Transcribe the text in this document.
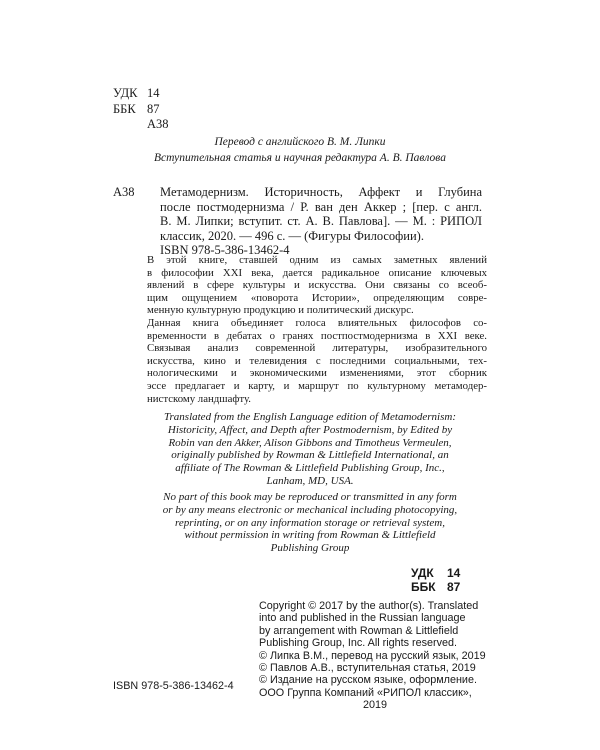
УДК 14
ББК 87
А38
Перевод с английского В. М. Липки
Вступительная статья и научная редактура А. В. Павлова
А38 Метамодернизм. Историчность, Аффект и Глубина
после постмодернизма / Р. ван ден Аккер ; [пер. с англ.
В. М. Липки; вступит. ст. А. В. Павлова]. — М. : РИПОЛ
классик, 2020. — 496 с. — (Фигуры Философии).
ISBN 978-5-386-13462-4
В этой книге, ставшей одним из самых заметных явлений
в философии XXI века, дается радикальное описание ключевых
явлений в сфере культуры и искусства. Они связаны со всеоб-
щим ощущением «поворота Истории», определяющим совре-
менную культурную продукцию и политический дискурс.
Данная книга объединяет голоса влиятельных философов со-
временности в дебатах о гранях постпостмодернизма в XXI веке.
Связывая анализ современной литературы, изобразительного
искусства, кино и телевидения с последними социальными, тех-
нологическими и экономическими изменениями, этот сборник
эссе предлагает и карту, и маршрут по культурному метамодер-
нистскому ландшафту.
Translated from the English Language edition of Metamodernism:
Historicity, Affect, and Depth after Postmodernism, by Edited by
Robin van den Akker, Alison Gibbons and Timotheus Vermeulen,
originally published by Rowman & Littlefield International, an
affiliate of The Rowman & Littlefield Publishing Group, Inc.,
Lanham, MD, USA.
No part of this book may be reproduced or transmitted in any form
or by any means electronic or mechanical including photocopying,
reprinting, or on any information storage or retrieval system,
without permission in writing from Rowman & Littlefield
Publishing Group
УДК 14
ББК 87
Copyright © 2017 by the author(s). Translated
into and published in the Russian language
by arrangement with Rowman & Littlefield
Publishing Group, Inc. All rights reserved.
© Липка В.М., перевод на русский язык, 2019
© Павлов А.В., вступительная статья, 2019
© Издание на русском языке, оформление.
ООО Группа Компаний «РИПОЛ классик»,
2019
ISBN 978-5-386-13462-4
